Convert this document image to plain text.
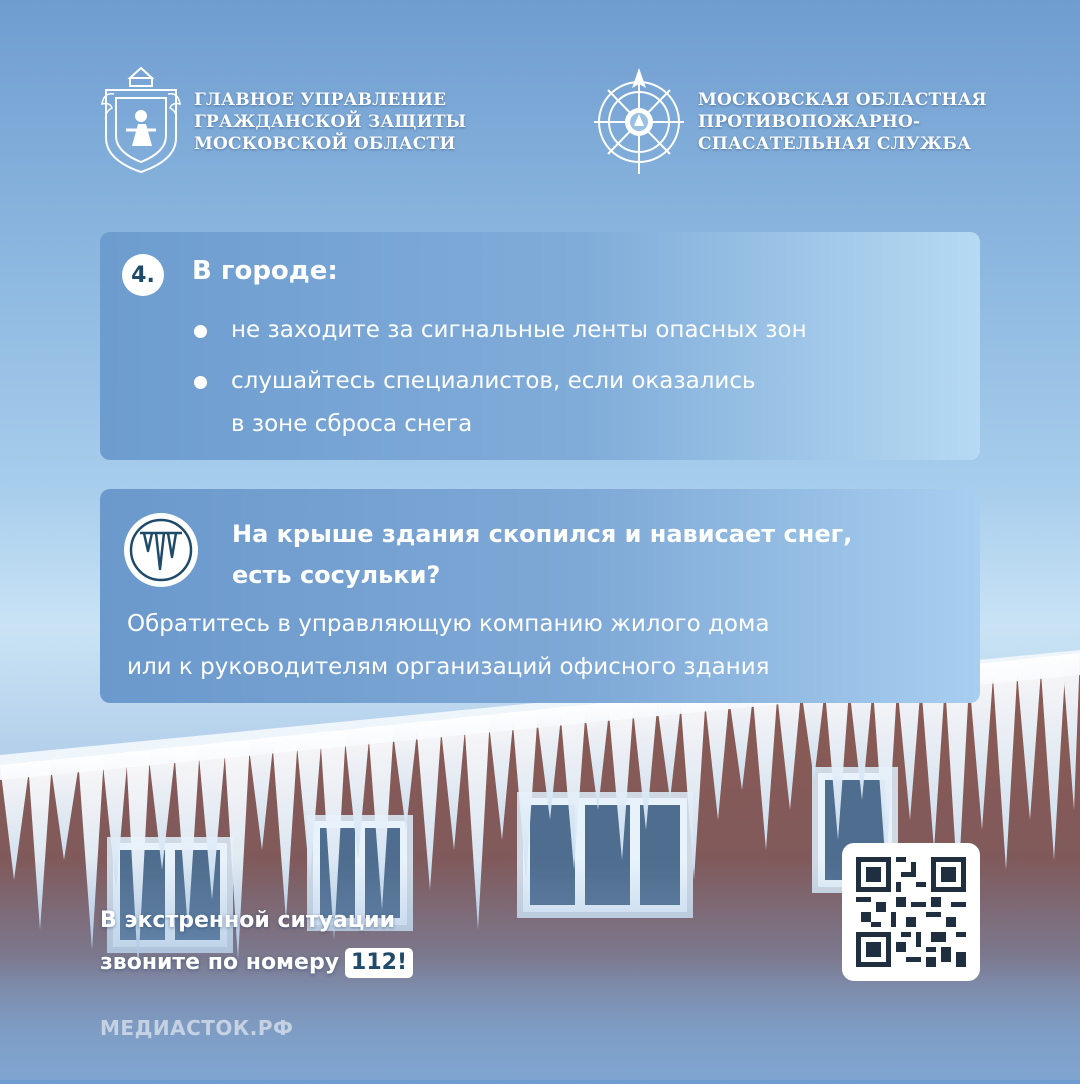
ГЛАВНОЕ УПРАВЛЕНИЕ
ГРАЖДАНСКОЙ ЗАЩИТЫ
МОСКОВСКОЙ ОБЛАСТИ
МОСКОВСКАЯ ОБЛАСТНАЯ
ПРОТИВОПОЖАРНО-
СПАСАТЕЛЬНАЯ СЛУЖБА
4.	В городе:
не заходите за сигнальные ленты опасных зон
слушайтесь специалистов, если оказались
в зоне сброса снега
На крыше здания скопился и нависает снег,
есть сосульки?
Обратитесь в управляющую компанию жилого дома
или к руководителям организаций офисного здания
В экстренной ситуации
звоните по номеру 112!
МЕДИАСТОК.РФ
